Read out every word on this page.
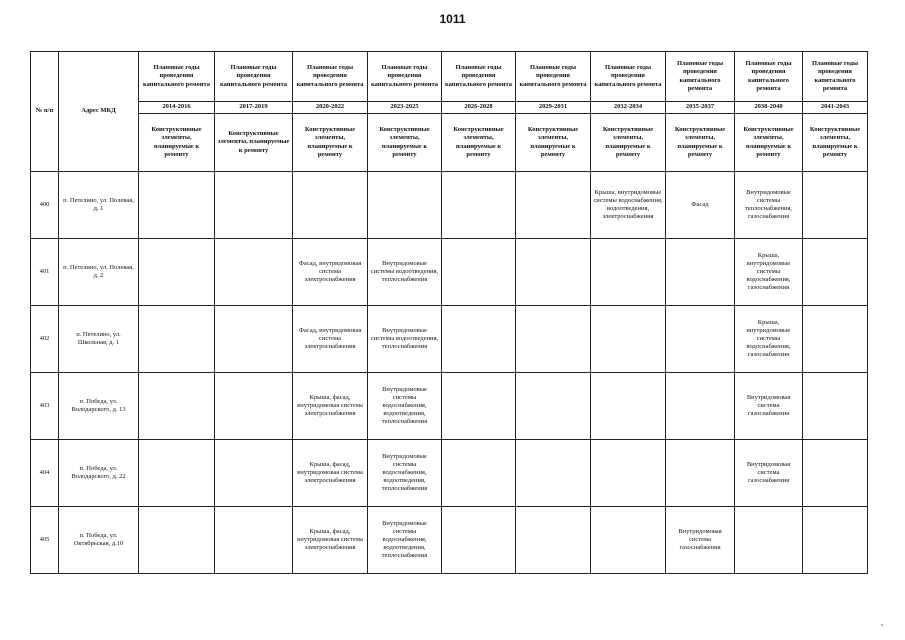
1011
№ п/п	Адрес МКД	Плановые годы проведения капитального ремонта	Плановые годы проведения капитального ремонта	Плановые годы проведения капитального ремонта	Плановые годы проведения капитального ремонта	Плановые годы проведения капитального ремонта	Плановые годы проведения капитального ремонта	Плановые годы проведения капитального ремонта	Плановые годы проведения капитального ремонта	Плановые годы проведения капитального ремонта	Плановые годы проведения капитального ремонта
		2014-2016	2017-2019	2020-2022	2023-2025	2026-2028	2029-2031	2032-2034	2035-2037	2038-2040	2041-2043
		Конструктивные элементы, планируемые к ремонту	Конструктивные элементы, планируемые к ремонту	Конструктивные элементы, планируемые к ремонту	Конструктивные элементы, планируемые к ремонту	Конструктивные элементы, планируемые к ремонту	Конструктивные элементы, планируемые к ремонту	Конструктивные элементы, планируемые к ремонту	Конструктивные элементы, планируемые к ремонту	Конструктивные элементы, планируемые к ремонту	Конструктивные элементы, планируемые к ремонту
400	п. Петелино, ул. Полевая, д. 1							Крыша, внутридомовые системы водоснабжения, водоотведения, электроснабжения	Фасад	Внутридомовые системы теплоснабжения, газоснабжения	
401	п. Петелино, ул. Полевая, д. 2			Фасад, внутридомовая система электроснабжения	Внутридомовые системы водоотведения, теплоснабжения					Крыша, внутридомовые системы водоснабжения, газоснабжения	
402	п. Петелино, ул. Школьная, д. 1			Фасад, внутридомовая система электроснабжения	Внутридомовые системы водоотведения, теплоснабжения					Крыша, внутридомовые системы водоснабжения, газоснабжения	
403	п. Победа, ул. Володарского, д. 13			Крыша, фасад, внутридомовая система электроснабжения	Внутридомовые системы водоснабжения, водоотведения, теплоснабжения					Внутридомовая система газоснабжения	
404	п. Победа, ул. Володарского, д. 22			Крыша, фасад, внутридомовая система электроснабжения	Внутридомовые системы водоснабжения, водоотведения, теплоснабжения					Внутридомовая система газоснабжения	
405	п. Победа, ул. Октябрьская, д.10			Крыша, фасад, внутридомовая система электроснабжения	Внутридомовые системы водоснабжения, водоотведения, теплоснабжения				Внутридомовая система газоснабжения		
